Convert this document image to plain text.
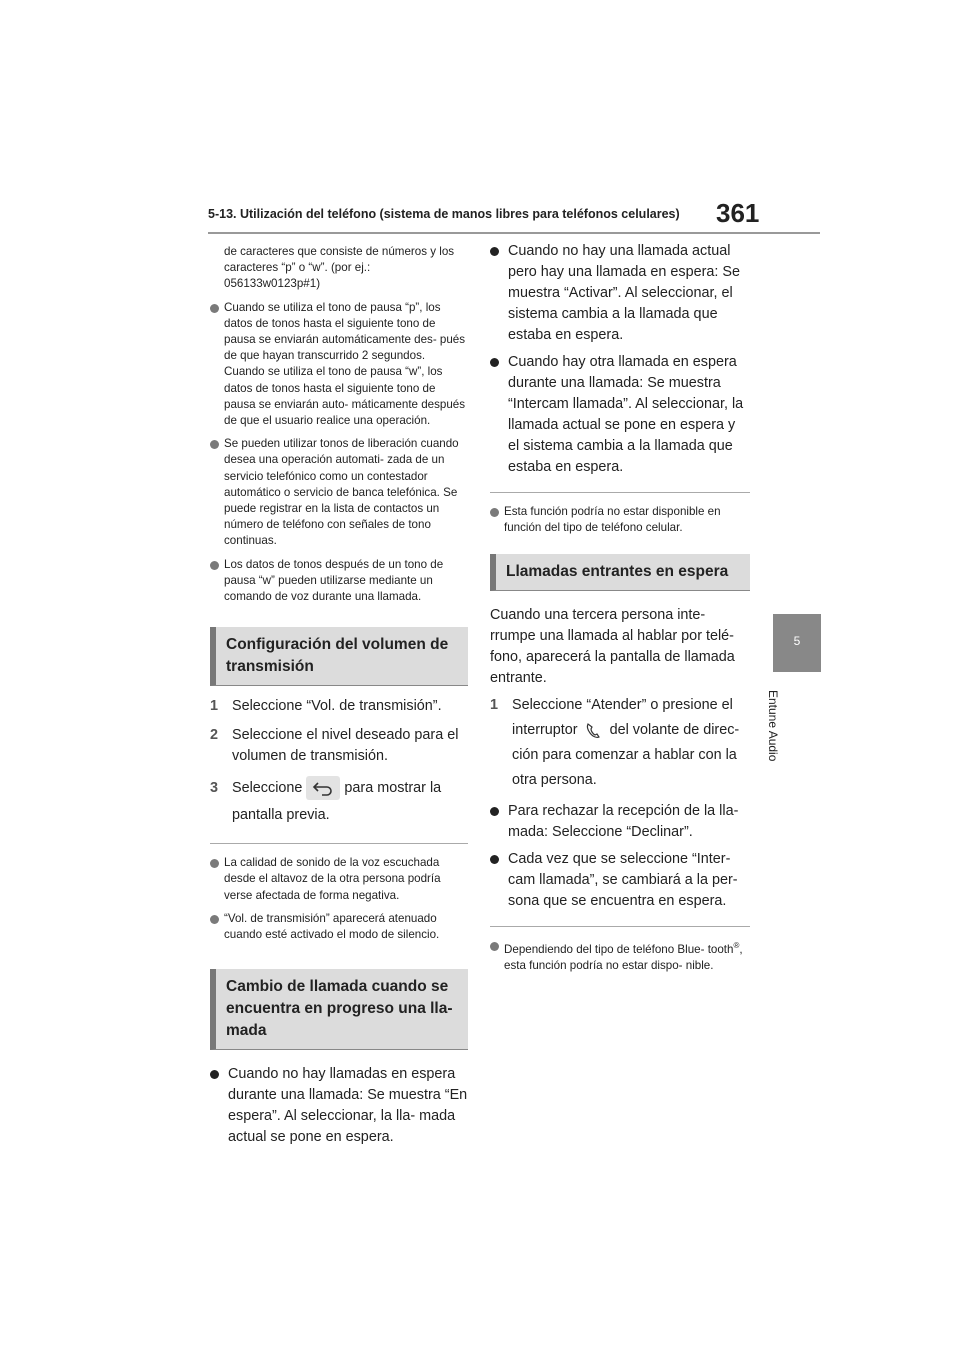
5-13. Utilización del teléfono (sistema de manos libres para teléfonos celulares) 361
5
Entune Audio
de caracteres que consiste de números y los caracteres “p” o “w”. (por ej.: 056133w0123p#1)
Cuando se utiliza el tono de pausa “p”, los datos de tonos hasta el siguiente tono de pausa se enviarán automáticamente des- pués de que hayan transcurrido 2 segundos. Cuando se utiliza el tono de pausa “w”, los datos de tonos hasta el siguiente tono de pausa se enviarán auto- máticamente después de que el usuario realice una operación.
Se pueden utilizar tonos de liberación cuando desea una operación automati- zada de un servicio telefónico como un contestador automático o servicio de banca telefónica. Se puede registrar en la lista de contactos un número de teléfono con señales de tono continuas.
Los datos de tonos después de un tono de pausa “w” pueden utilizarse mediante un comando de voz durante una llamada.
Configuración del volumen de transmisión
1 Seleccione “Vol. de transmisión”.
2 Seleccione el nivel deseado para el volumen de transmisión.
3 Seleccione	para mostrar la pantalla previa.
La calidad de sonido de la voz escuchada desde el altavoz de la otra persona podría verse afectada de forma negativa.
“Vol. de transmisión” aparecerá atenuado cuando esté activado el modo de silencio.
Cambio de llamada cuando se encuentra en progreso una lla- mada
Cuando no hay llamadas en espera durante una llamada: Se muestra “En espera”. Al seleccionar, la lla- mada actual se pone en espera.
Cuando no hay una llamada actual pero hay una llamada en espera: Se muestra “Activar”. Al seleccionar, el sistema cambia a la llamada que estaba en espera.
Cuando hay otra llamada en espera durante una llamada: Se muestra “Intercam llamada”. Al seleccionar, la llamada actual se pone en espera y el sistema cambia a la llamada que estaba en espera.
Esta función podría no estar disponible en función del tipo de teléfono celular.
Llamadas entrantes en espera
Cuando una tercera persona inte- rrumpe una llamada al hablar por telé- fono, aparecerá la pantalla de llamada entrante.
1 Seleccione “Atender” o presione el interruptor del volante de direc- ción para comenzar a hablar con la otra persona.
Para rechazar la recepción de la lla- mada: Seleccione “Declinar”.
Cada vez que se seleccione “Inter- cam llamada”, se cambiará a la per- sona que se encuentra en espera.
Dependiendo del tipo de teléfono Blue- tooth®, esta función podría no estar dispo- nible.
